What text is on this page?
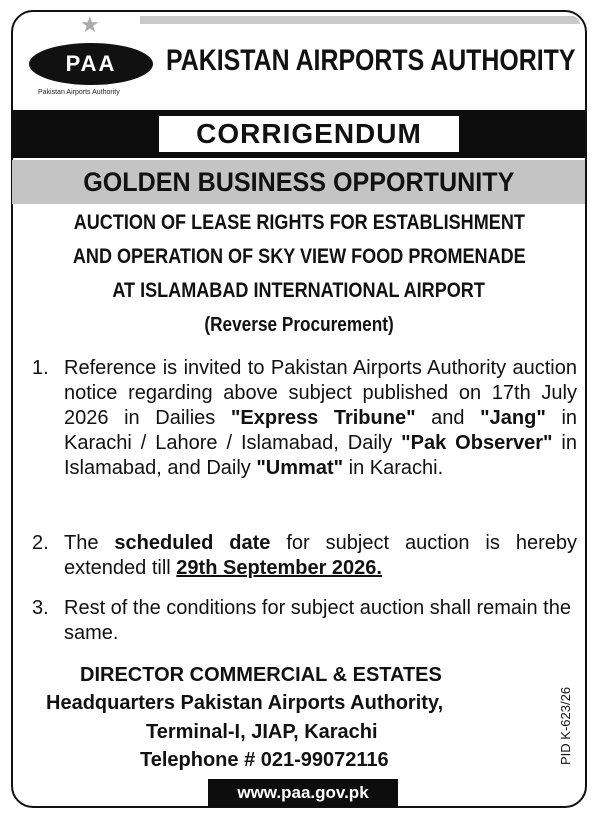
★
PAA
Pakistan Airports Authority
PAKISTAN AIRPORTS AUTHORITY
CORRIGENDUM
GOLDEN BUSINESS OPPORTUNITY
AUCTION OF LEASE RIGHTS FOR ESTABLISHMENT
AND OPERATION OF SKY VIEW FOOD PROMENADE
AT ISLAMABAD INTERNATIONAL AIRPORT
(Reverse Procurement)
1. Reference is invited to Pakistan Airports Authority auction notice regarding above subject published on 17th July 2026 in Dailies "Express Tribune" and "Jang" in Karachi / Lahore / Islamabad, Daily "Pak Observer" in Islamabad, and Daily "Ummat" in Karachi.
2. The scheduled date for subject auction is hereby extended till 29th September 2026.
3. Rest of the conditions for subject auction shall remain the same.
DIRECTOR COMMERCIAL & ESTATES
Headquarters Pakistan Airports Authority,
Terminal-I, JIAP, Karachi
Telephone # 021-99072116	PID K-623/26
www.paa.gov.pk
